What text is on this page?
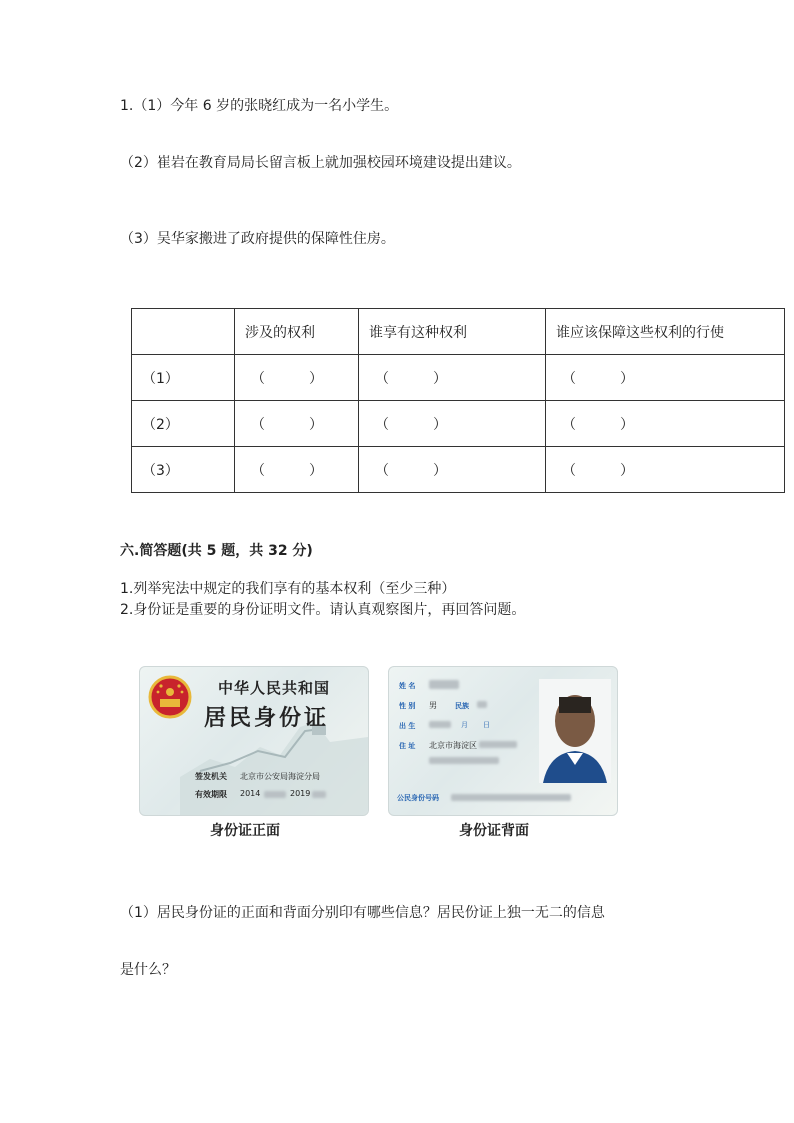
1.（1）今年 6 岁的张晓红成为一名小学生。
（2）崔岩在教育局局长留言板上就加强校园环境建设提出建议。
（3）吴华家搬进了政府提供的保障性住房。
	涉及的权利	谁享有这种权利	谁应该保障这些权利的行使
（1）	（ ）	（ ）	（ ）

（2）	（ ）	（ ）	（ ）

（3）	（ ）	（ ）	（ ）
六.简答题(共 5 题，共 32 分)
1.列举宪法中规定的我们享有的基本权利（至少三种）
2.身份证是重要的身份证明文件。请认真观察图片，再回答问题。
中华人民共和国
居民身份证
签发机关 北京市公安局海淀分局
有效期限 2014	2019
身份证正面
姓 名
性 别 男	民族
出 生	月 日
住 址 北京市海淀区
公民身份号码
身份证背面
（1）居民身份证的正面和背面分别印有哪些信息？居民份证上独一无二的信息
是什么？
